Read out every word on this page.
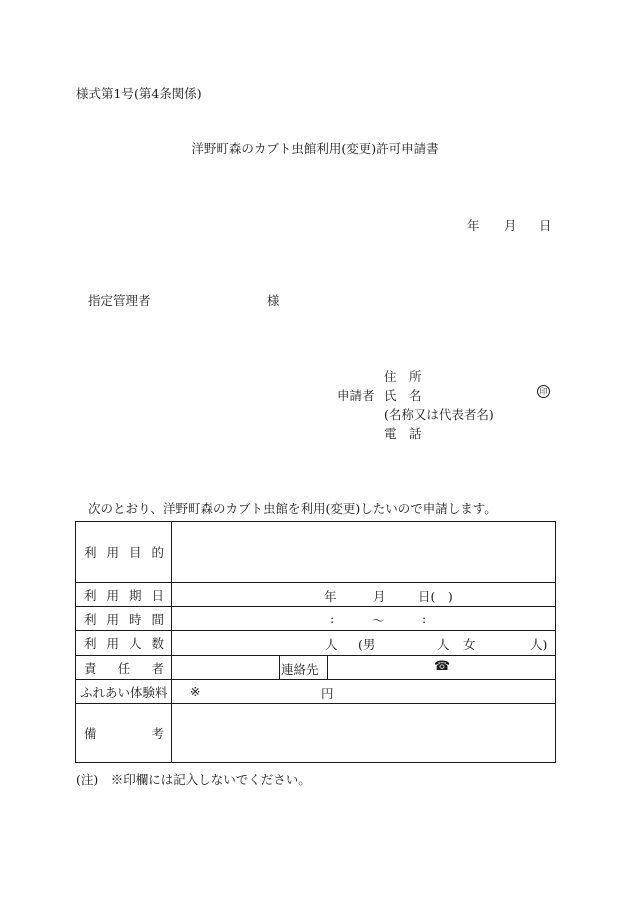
様式第1号(第4条関係)
洋野町森のカブト虫館利用(変更)許可申請書
年 月 日
指定管理者	様
住　所
申請者 氏　名	印
(名称又は代表者名)
電　話
次のとおり、洋野町森のカブト虫館を利用(変更)したいので申請します。
利 用 目 的
利 用 期 日	年	月	日(　)
利 用 時 間	:	〜	:
利 用 人 数	人 (男	人 女	人)
責 任 者	連絡先	☎
ふれあい体験料 ※	円
備	考
(注)　※印欄には記入しないでください。
